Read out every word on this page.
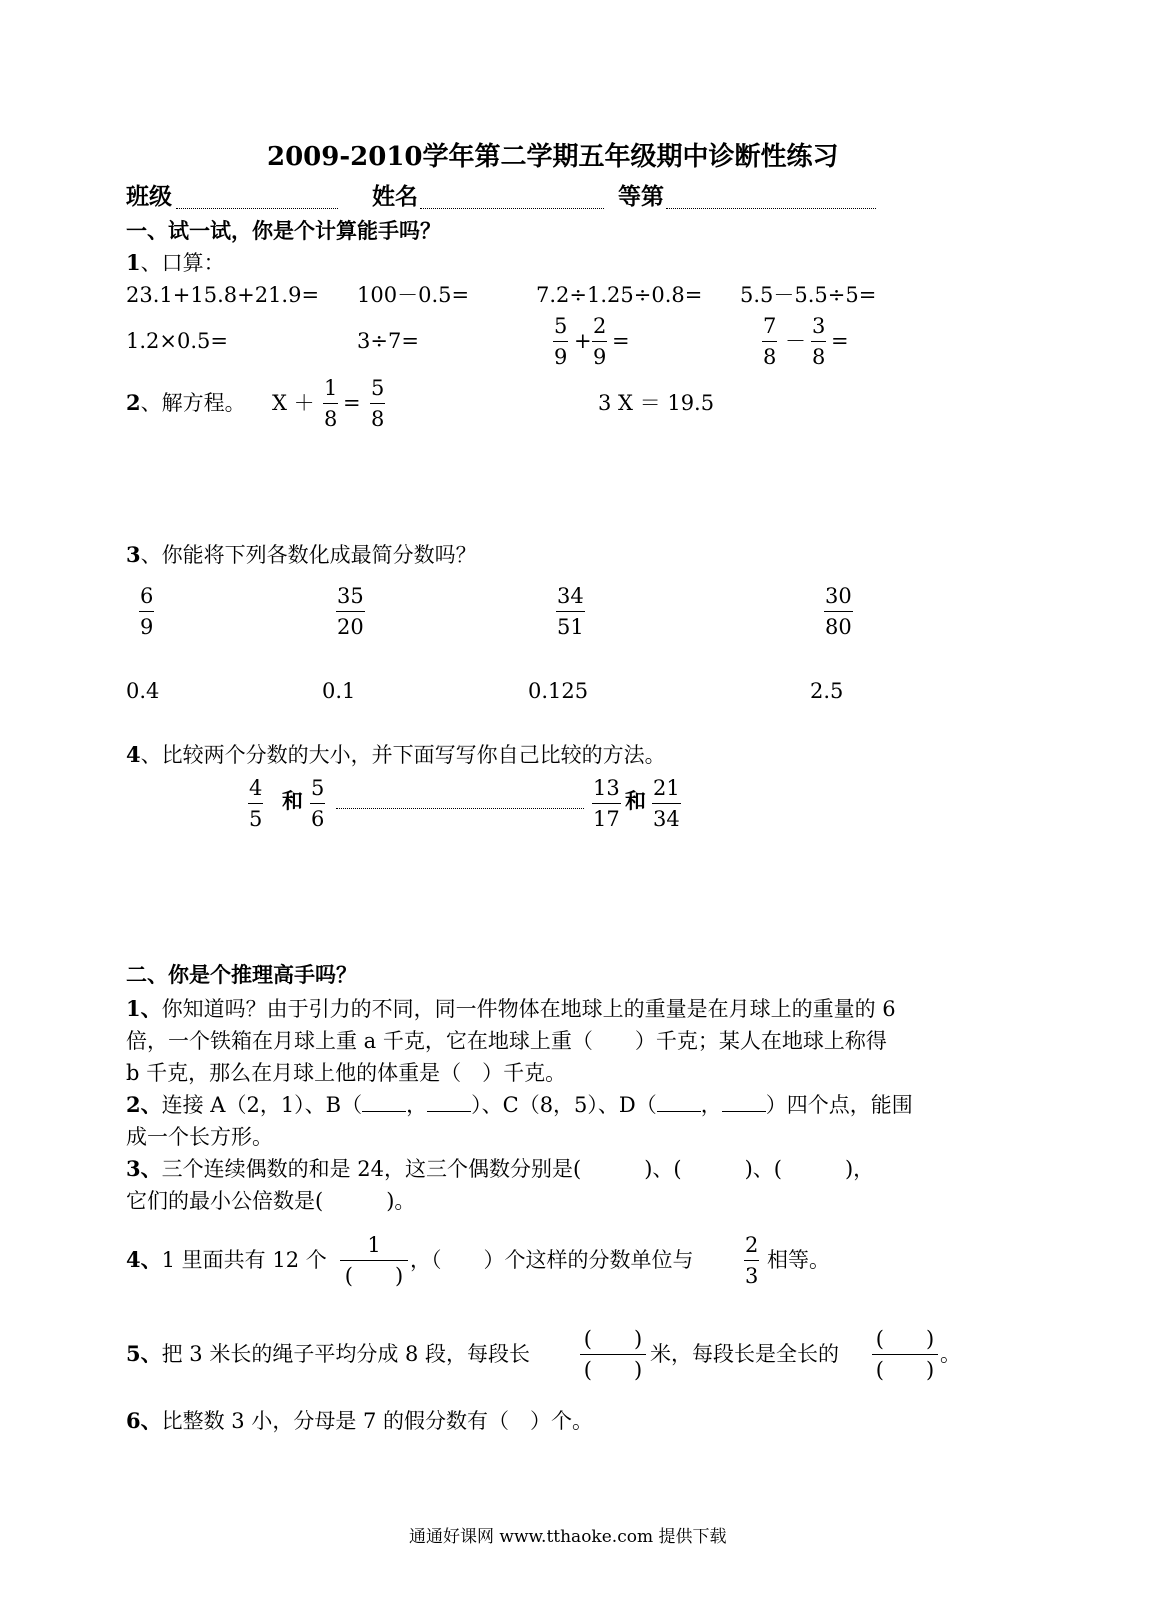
2009-2010学年第二学期五年级期中诊断性练习
班级	姓名	等第
一、试一试，你是个计算能手吗？
1、口算：
23.1+15.8+21.9= 100－0.5=	7.2÷1.25÷0.8= 5.5－5.5÷5=
1.2×0.5=	3÷7=	$\frac{5}{9} + \frac{2}{9}$ =	$\frac{7}{8} - \frac{3}{8}$ =
2、解方程。 $X + \frac{1}{8} = \frac{5}{8}$	3 X ＝ 19.5
3、你能将下列各数化成最简分数吗？
$\frac{6}{9}$	$\frac{35}{20}$	$\frac{34}{51}$	$\frac{30}{80}$
0.4	0.1	0.125	2.5
4、比较两个分数的大小，并下面写写你自己比较的方法。
$\frac{4}{5}$ 和 $\frac{5}{6}$	$\frac{13}{17}$ 和 $\frac{21}{34}$
二、你是个推理高手吗？
1、你知道吗？由于引力的不同，同一件物体在地球上的重量是在月球上的重量的 6
倍，一个铁箱在月球上重 a 千克，它在地球上重（　　）千克；某人在地球上称得
b 千克，那么在月球上他的体重是（　）千克。
2、连接 A（2，1）、B（ ， ）、C（8，5）、D（ ， ）四个点，能围
成一个长方形。
3、三个连续偶数的和是 24，这三个偶数分别是(　　　)、(　　　)、(　　　)，
它们的最小公倍数是(　　　)。
4、1 里面共有 12 个
1
(　　)
，（　　）个这样的分数单位与 $\frac{2}{3}$ 相等。
5、把 3 米长的绳子平均分成 8 段，每段长
(　　)
(　　)
米，每段长是全长的
(　　)
(　　)
。
6、比整数 3 小，分母是 7 的假分数有（　）个。
通通好课网 www.tthaoke.com 提供下载
